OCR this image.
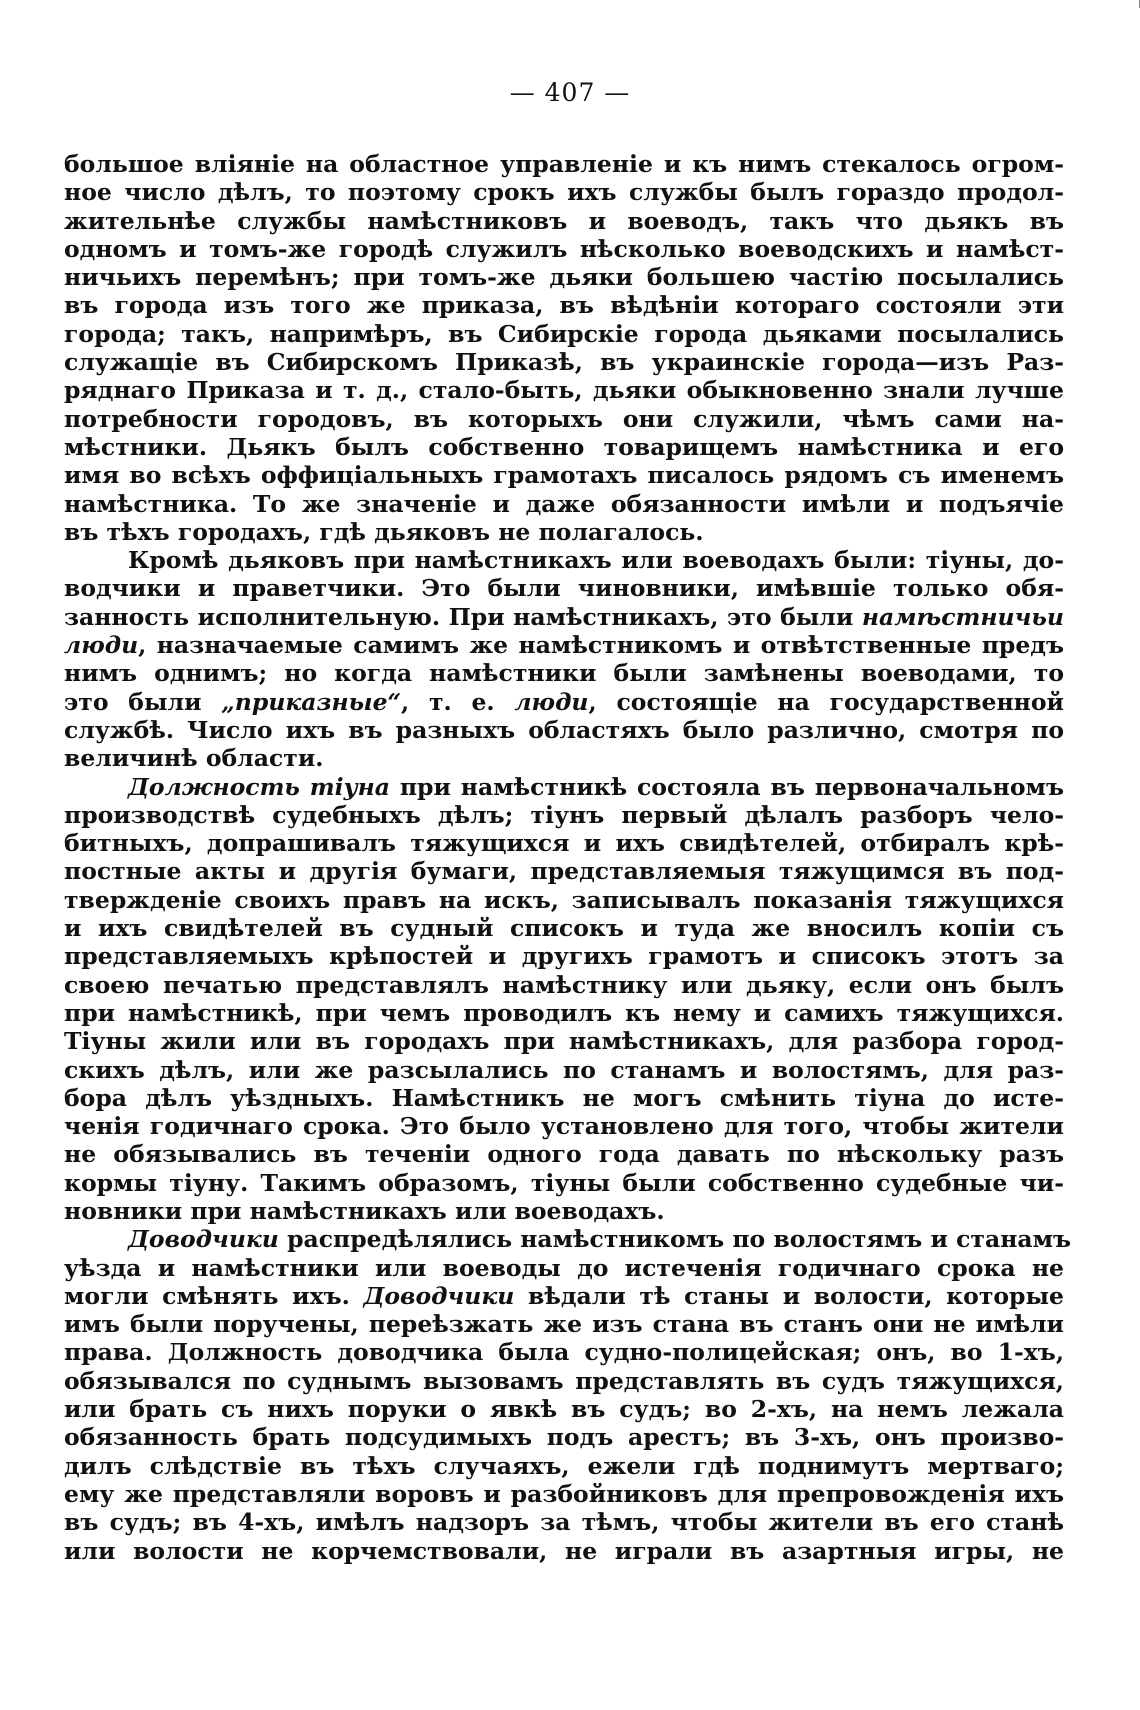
— 407 —
большое вліяніе на областное управленіе и къ нимъ стекалось огром-
ное число дѣлъ, то поэтому срокъ ихъ службы былъ гораздо продол-
жительнѣе службы намѣстниковъ и воеводъ, такъ что дьякъ въ
одномъ и томъ-же городѣ служилъ нѣсколько воеводскихъ и намѣст-
ничьихъ перемѣнъ; при томъ-же дьяки большею частію посылались
въ города изъ того же приказа, въ вѣдѣніи котораго состояли эти
города; такъ, напримѣръ, въ Сибирскіе города дьяками посылались
служащіе въ Сибирскомъ Приказѣ, въ украинскіе города—изъ Раз-
ряднаго Приказа и т. д., стало-быть, дьяки обыкновенно знали лучше
потребности городовъ, въ которыхъ они служили, чѣмъ сами на-
мѣстники. Дьякъ былъ собственно товарищемъ намѣстника и его
имя во всѣхъ оффиціальныхъ грамотахъ писалось рядомъ съ именемъ
намѣстника. То же значеніе и даже обязанности имѣли и подъячіе
въ тѣхъ городахъ, гдѣ дьяковъ не полагалось.
Кромѣ дьяковъ при намѣстникахъ или воеводахъ были: тіуны, до-
водчики и праветчики. Это были чиновники, имѣвшіе только обя-
занность исполнительную. При намѣстникахъ, это были намѣстничьи
люди, назначаемые самимъ же намѣстникомъ и отвѣтственные предъ
нимъ однимъ; но когда намѣстники были замѣнены воеводами, то
это были „приказные“, т. е. люди, состоящіе на государственной
службѣ. Число ихъ въ разныхъ областяхъ было различно, смотря по
величинѣ области.
Должность тіуна при намѣстникѣ состояла въ первоначальномъ
производствѣ судебныхъ дѣлъ; тіунъ первый дѣлалъ разборъ чело-
битныхъ, допрашивалъ тяжущихся и ихъ свидѣтелей, отбиралъ крѣ-
постные акты и другія бумаги, представляемыя тяжущимся въ под-
твержденіе своихъ правъ на искъ, записывалъ показанія тяжущихся
и ихъ свидѣтелей въ судный списокъ и туда же вносилъ копіи съ
представляемыхъ крѣпостей и другихъ грамотъ и списокъ этотъ за
своею печатью представлялъ намѣстнику или дьяку, если онъ былъ
при намѣстникѣ, при чемъ проводилъ къ нему и самихъ тяжущихся.
Тіуны жили или въ городахъ при намѣстникахъ, для разбора город-
скихъ дѣлъ, или же разсылались по станамъ и волостямъ, для раз-
бора дѣлъ уѣздныхъ. Намѣстникъ не могъ смѣнить тіуна до исте-
ченія годичнаго срока. Это было установлено для того, чтобы жители
не обязывались въ теченіи одного года давать по нѣскольку разъ
кормы тіуну. Такимъ образомъ, тіуны были собственно судебные чи-
новники при намѣстникахъ или воеводахъ.
Доводчики распредѣлялись намѣстникомъ по волостямъ и станамъ
уѣзда и намѣстники или воеводы до истеченія годичнаго срока не
могли смѣнять ихъ. Доводчики вѣдали тѣ станы и волости, которые
имъ были поручены, переѣзжать же изъ стана въ станъ они не имѣли
права. Должность доводчика была судно-полицейская; онъ, во 1-хъ,
обязывался по суднымъ вызовамъ представлять въ судъ тяжущихся,
или брать съ нихъ поруки о явкѣ въ судъ; во 2-хъ, на немъ лежала
обязанность брать подсудимыхъ подъ арестъ; въ 3-хъ, онъ произво-
дилъ слѣдствіе въ тѣхъ случаяхъ, ежели гдѣ поднимутъ мертваго;
ему же представляли воровъ и разбойниковъ для препровожденія ихъ
въ судъ; въ 4-хъ, имѣлъ надзоръ за тѣмъ, чтобы жители въ его станѣ
или волости не корчемствовали, не играли въ азартныя игры, не
